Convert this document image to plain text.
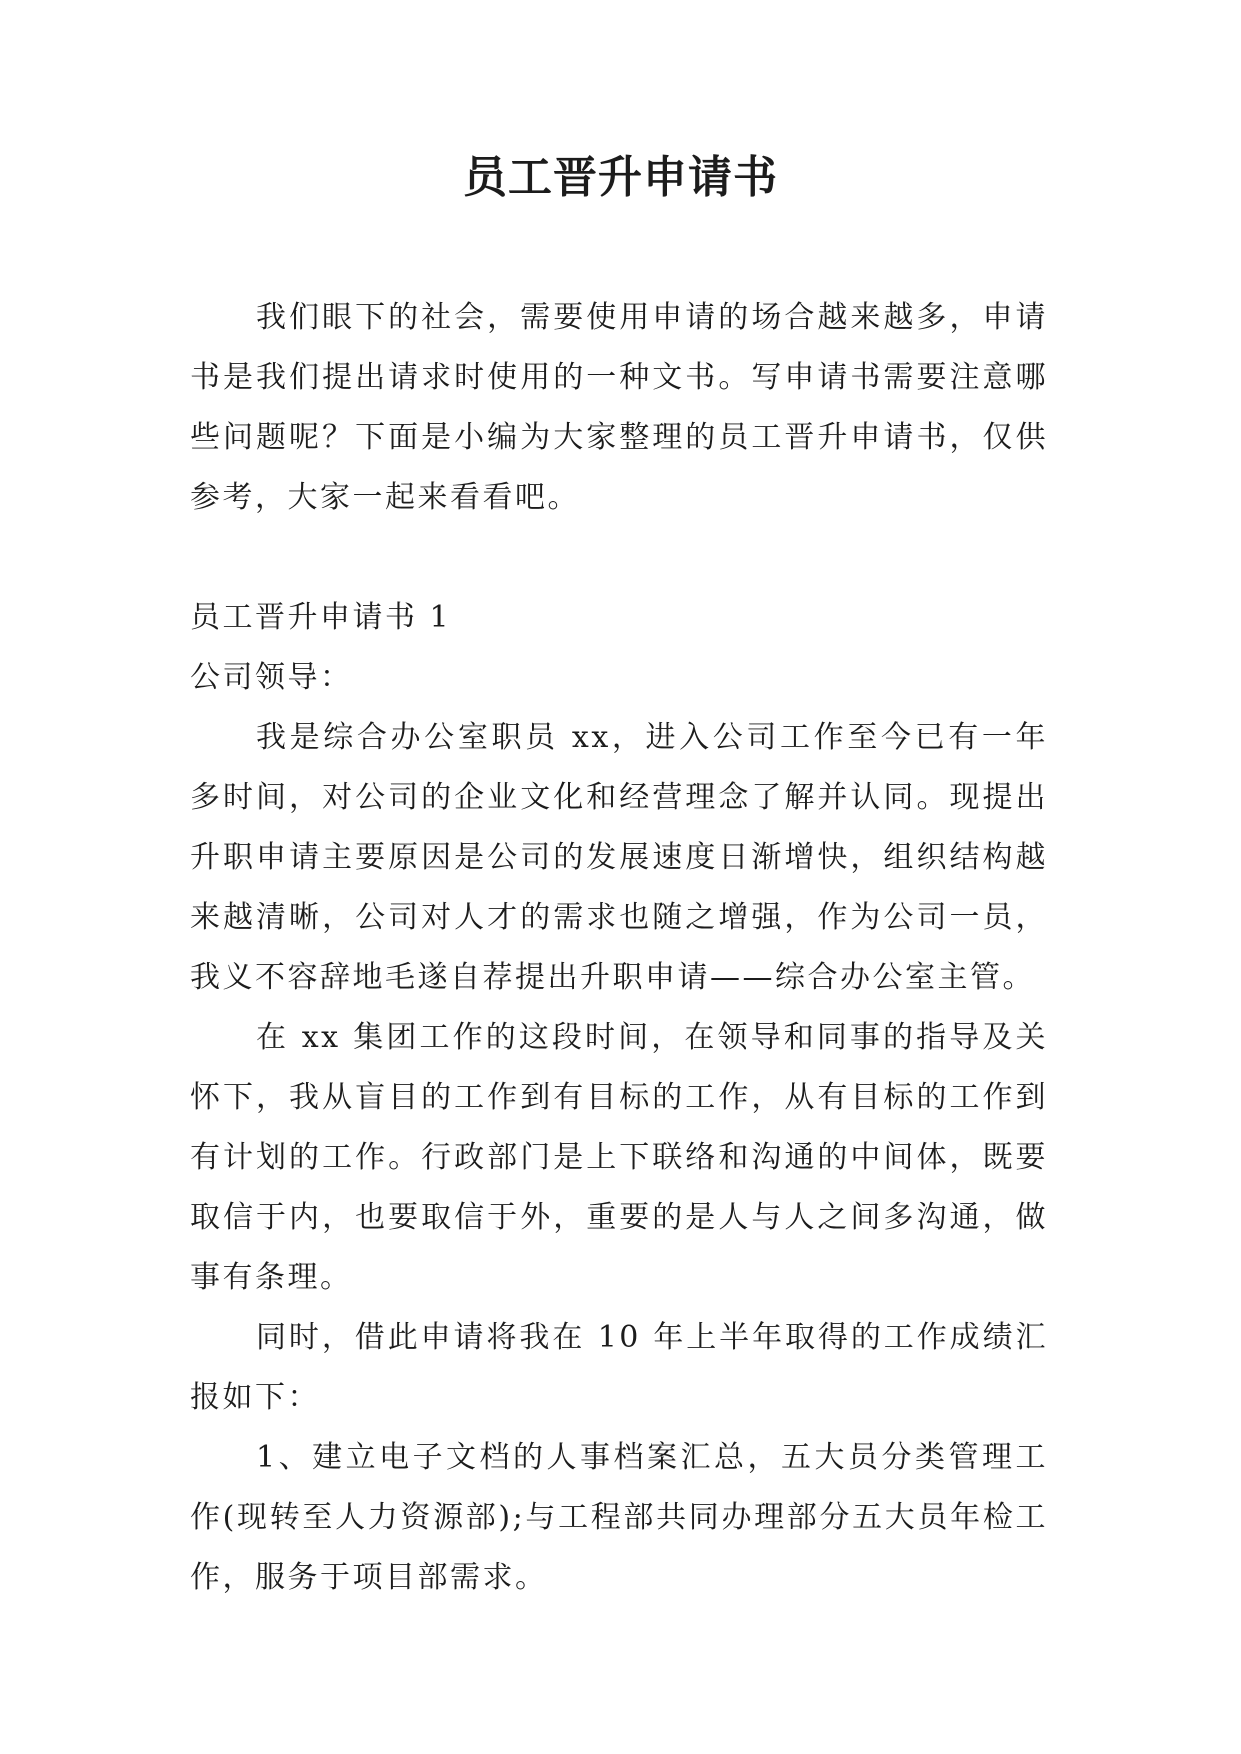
员工晋升申请书

我们眼下的社会，需要使用申请的场合越来越多，申请书是我们提出请求时使用的一种文书。写申请书需要注意哪些问题呢？下面是小编为大家整理的员工晋升申请书，仅供参考，大家一起来看看吧。

员工晋升申请书 1

公司领导：

我是综合办公室职员 xx，进入公司工作至今已有一年多时间，对公司的企业文化和经营理念了解并认同。现提出升职申请主要原因是公司的发展速度日渐增快，组织结构越来越清晰，公司对人才的需求也随之增强，作为公司一员，我义不容辞地毛遂自荐提出升职申请——综合办公室主管。

在 xx 集团工作的这段时间，在领导和同事的指导及关怀下，我从盲目的工作到有目标的工作，从有目标的工作到有计划的工作。行政部门是上下联络和沟通的中间体，既要取信于内，也要取信于外，重要的是人与人之间多沟通，做事有条理。

同时，借此申请将我在 10 年上半年取得的工作成绩汇报如下：

1、建立电子文档的人事档案汇总，五大员分类管理工作(现转至人力资源部);与工程部共同办理部分五大员年检工作，服务于项目部需求。
